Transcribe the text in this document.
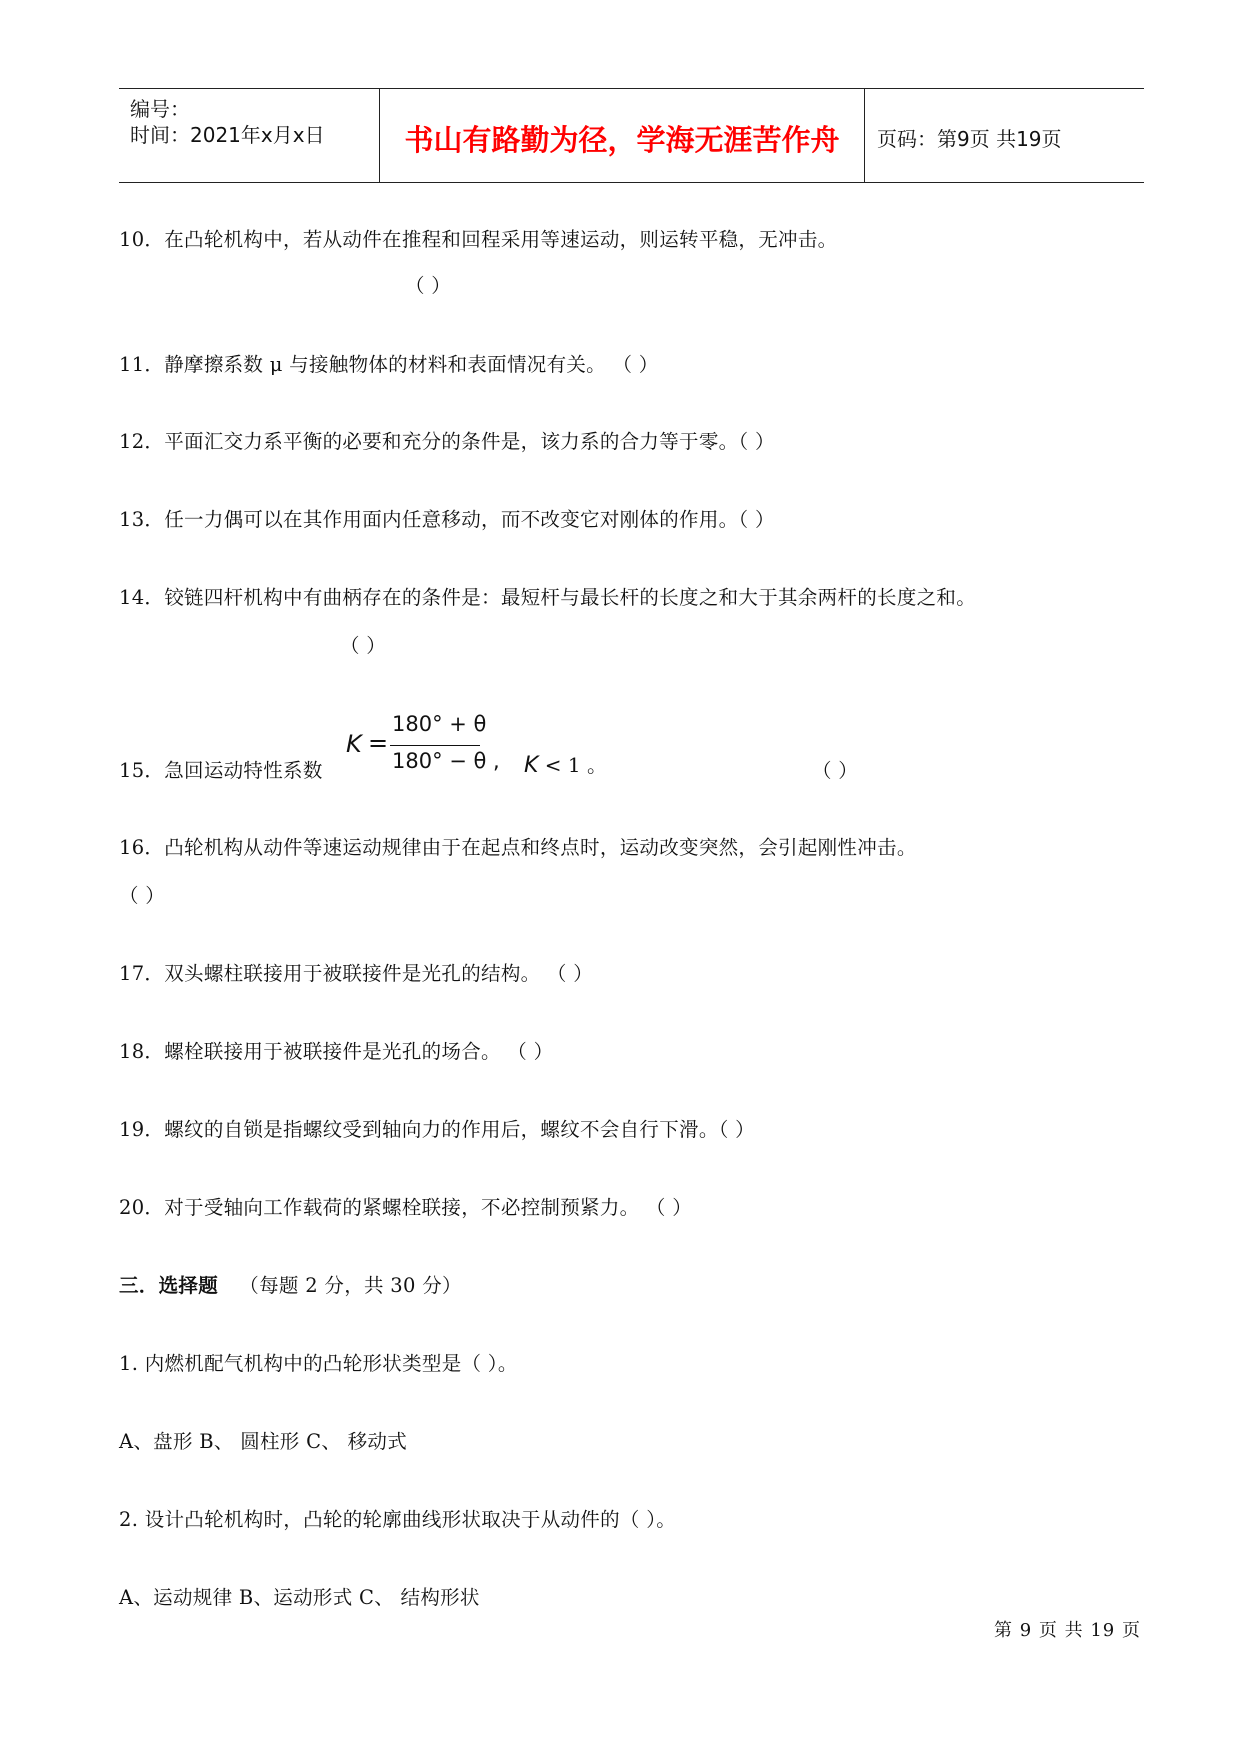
编号：
时间：2021年x月x日	书山有路勤为径，学海无涯苦作舟	页码：第9页 共19页
10．在凸轮机构中，若从动件在推程和回程采用等速运动，则运转平稳，无冲击。
（ ）
11．静摩擦系数 μ 与接触物体的材料和表面情况有关。 （ ）
12．平面汇交力系平衡的必要和充分的条件是，该力系的合力等于零。（ ）
13．任一力偶可以在其作用面内任意移动，而不改变它对刚体的作用。（ ）
14．铰链四杆机构中有曲柄存在的条件是：最短杆与最长杆的长度之和大于其余两杆的长度之和。
（ ）
15．急回运动特性系数
K =
180° + θ
180° − θ , K < 1 。	（ ）
16．凸轮机构从动件等速运动规律由于在起点和终点时，运动改变突然，会引起刚性冲击。
（ ）
17．双头螺柱联接用于被联接件是光孔的结构。 （ ）
18．螺栓联接用于被联接件是光孔的场合。 （ ）
19．螺纹的自锁是指螺纹受到轴向力的作用后，螺纹不会自行下滑。（ ）
20．对于受轴向工作载荷的紧螺栓联接，不必控制预紧力。 （ ）
三．选择题 （每题 2 分，共 30 分）
1. 内燃机配气机构中的凸轮形状类型是（ ）。
A、盘形 B、 圆柱形 C、 移动式
2. 设计凸轮机构时，凸轮的轮廓曲线形状取决于从动件的（ ）。
A、运动规律 B、运动形式 C、 结构形状
第 9 页 共 19 页
